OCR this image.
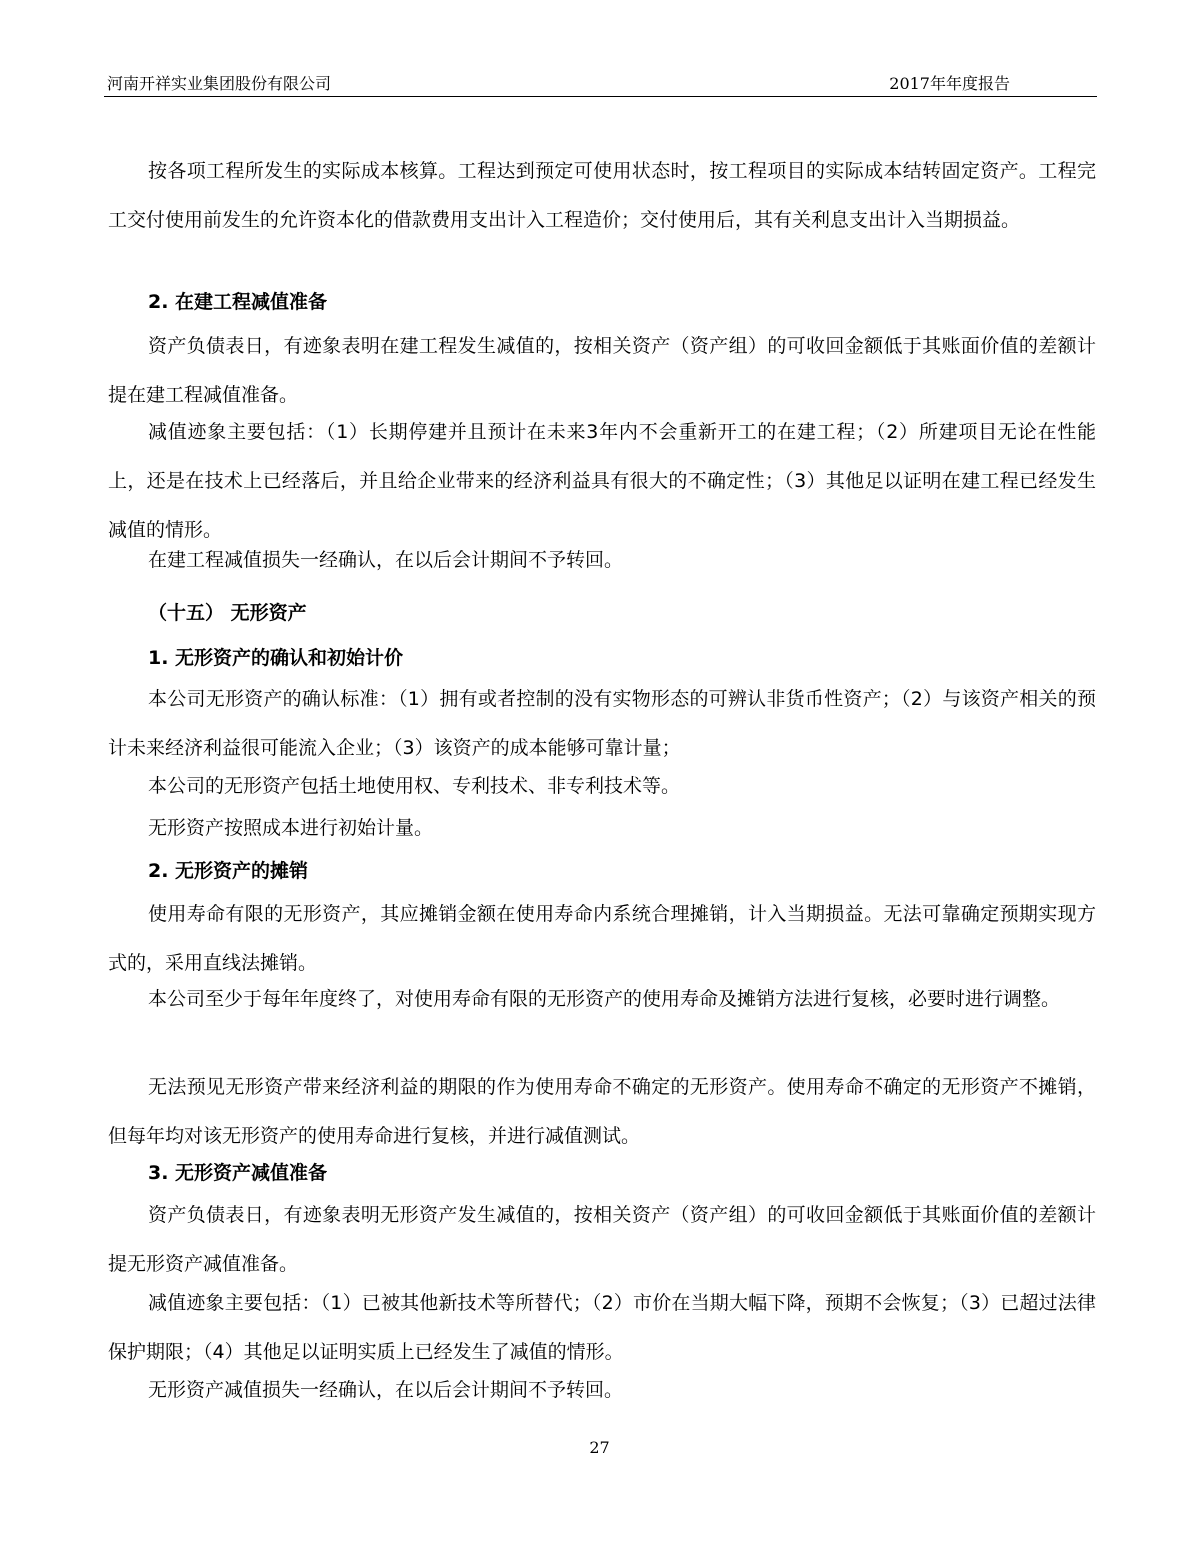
河南开祥实业集团股份有限公司	2017年年度报告

按各项工程所发生的实际成本核算。工程达到预定可使用状态时，按工程项目的实际成本结转固定资产。工程完工交付使用前发生的允许资本化的借款费用支出计入工程造价；交付使用后，其有关利息支出计入当期损益。

2. 在建工程减值准备

资产负债表日，有迹象表明在建工程发生减值的，按相关资产（资产组）的可收回金额低于其账面价值的差额计提在建工程减值准备。

减值迹象主要包括：（1）长期停建并且预计在未来3年内不会重新开工的在建工程；（2）所建项目无论在性能上，还是在技术上已经落后，并且给企业带来的经济利益具有很大的不确定性；（3）其他足以证明在建工程已经发生减值的情形。

在建工程减值损失一经确认，在以后会计期间不予转回。

（十五） 无形资产

1. 无形资产的确认和初始计价

本公司无形资产的确认标准：（1）拥有或者控制的没有实物形态的可辨认非货币性资产；（2）与该资产相关的预计未来经济利益很可能流入企业；（3）该资产的成本能够可靠计量；

本公司的无形资产包括土地使用权、专利技术、非专利技术等。

无形资产按照成本进行初始计量。

2. 无形资产的摊销

使用寿命有限的无形资产，其应摊销金额在使用寿命内系统合理摊销，计入当期损益。无法可靠确定预期实现方式的，采用直线法摊销。

本公司至少于每年年度终了，对使用寿命有限的无形资产的使用寿命及摊销方法进行复核，必要时进行调整。

无法预见无形资产带来经济利益的期限的作为使用寿命不确定的无形资产。使用寿命不确定的无形资产不摊销，但每年均对该无形资产的使用寿命进行复核，并进行减值测试。

3. 无形资产减值准备

资产负债表日，有迹象表明无形资产发生减值的，按相关资产（资产组）的可收回金额低于其账面价值的差额计提无形资产减值准备。

减值迹象主要包括：（1）已被其他新技术等所替代；（2）市价在当期大幅下降，预期不会恢复；（3）已超过法律保护期限；（4）其他足以证明实质上已经发生了减值的情形。

无形资产减值损失一经确认，在以后会计期间不予转回。

27
